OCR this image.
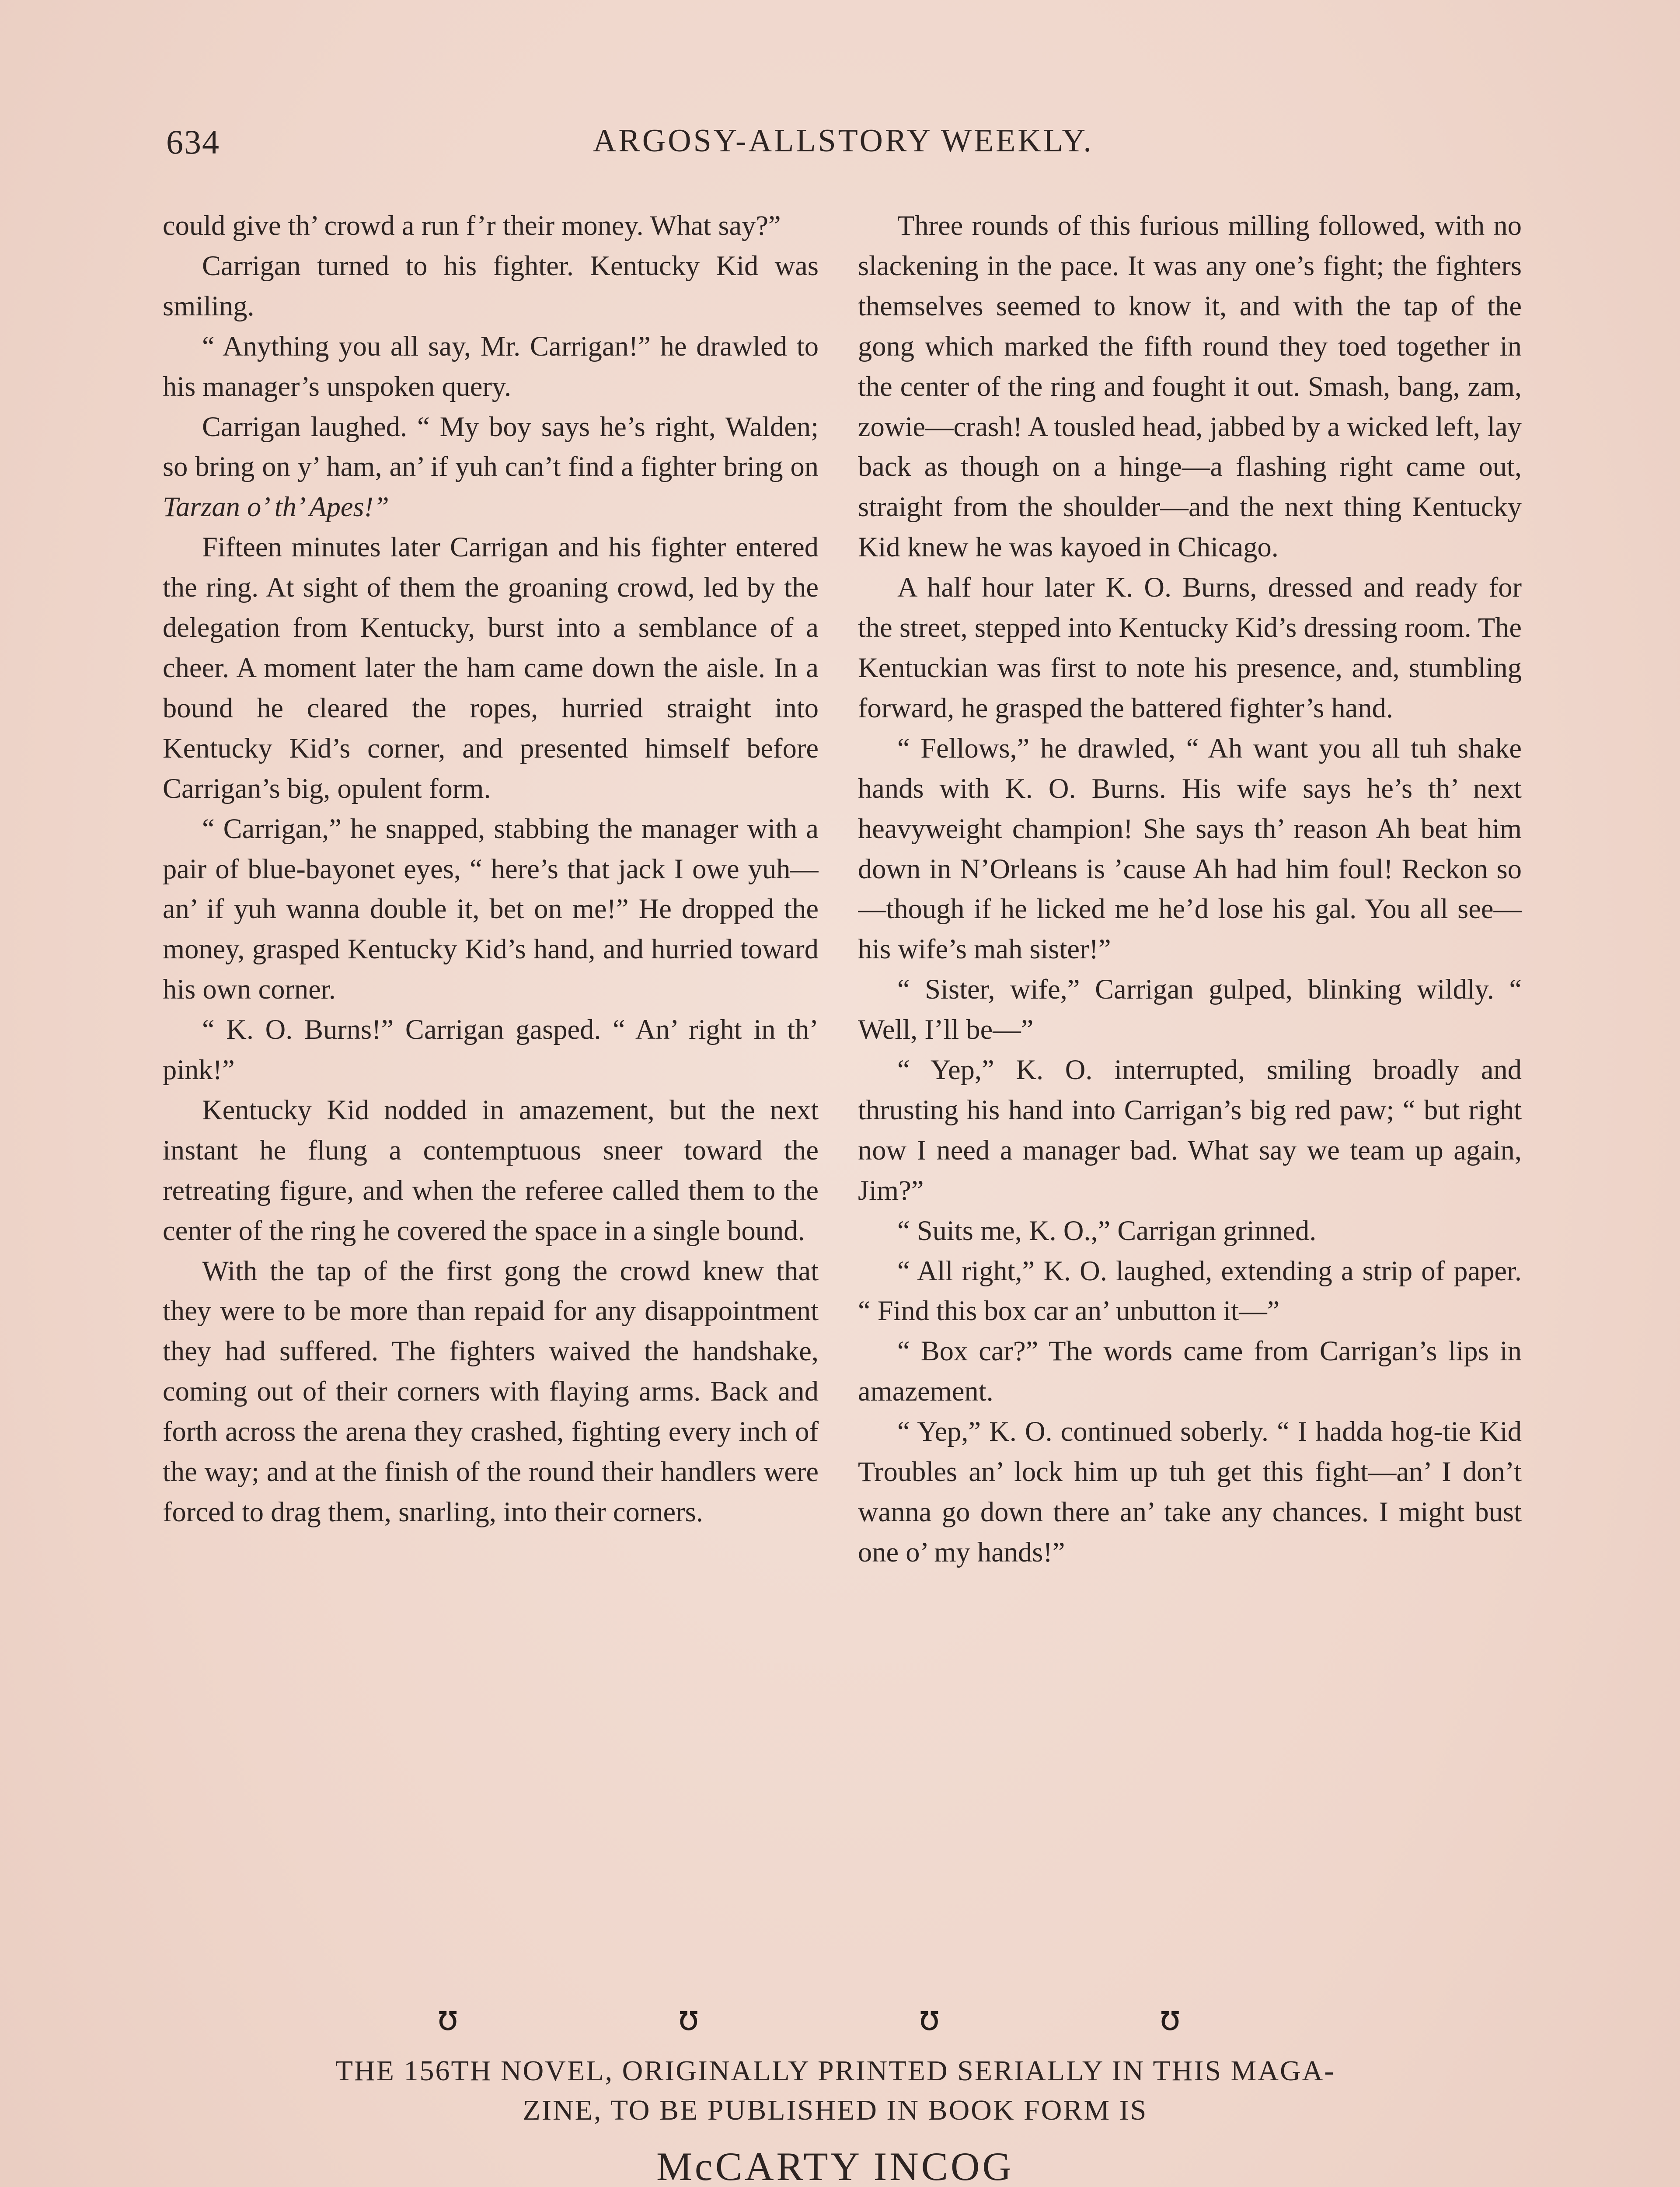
634	ARGOSY-ALLSTORY WEEKLY.

could give th’ crowd a run f’r their money. What say?”

Carrigan turned to his fighter. Kentucky Kid was smiling.

“ Anything you all say, Mr. Carrigan!” he drawled to his manager’s unspoken query.

Carrigan laughed. “ My boy says he’s right, Walden; so bring on y’ ham, an’ if yuh can’t find a fighter bring on Tarzan o’ th’ Apes!”

Fifteen minutes later Carrigan and his fighter entered the ring. At sight of them the groaning crowd, led by the delegation from Kentucky, burst into a semblance of a cheer. A moment later the ham came down the aisle. In a bound he cleared the ropes, hurried straight into Kentucky Kid’s corner, and presented himself before Carrigan’s big, opulent form.

“ Carrigan,” he snapped, stabbing the manager with a pair of blue-bayonet eyes, “ here’s that jack I owe yuh—an’ if yuh wanna double it, bet on me!” He dropped the money, grasped Kentucky Kid’s hand, and hurried toward his own corner.

“ K. O. Burns!” Carrigan gasped. “ An’ right in th’ pink!”

Kentucky Kid nodded in amazement, but the next instant he flung a contemptuous sneer toward the retreating figure, and when the referee called them to the center of the ring he covered the space in a single bound.

With the tap of the first gong the crowd knew that they were to be more than repaid for any disappointment they had suffered. The fighters waived the handshake, coming out of their corners with flaying arms. Back and forth across the arena they crashed, fighting every inch of the way; and at the finish of the round their handlers were forced to drag them, snarling, into their corners.

Three rounds of this furious milling followed, with no slackening in the pace. It was any one’s fight; the fighters themselves seemed to know it, and with the tap of the gong which marked the fifth round they toed together in the center of the ring and fought it out. Smash, bang, zam, zowie—crash! A tousled head, jabbed by a wicked left, lay back as though on a hinge—a flashing right came out, straight from the shoulder—and the next thing Kentucky Kid knew he was kayoed in Chicago.

A half hour later K. O. Burns, dressed and ready for the street, stepped into Kentucky Kid’s dressing room. The Kentuckian was first to note his presence, and, stumbling forward, he grasped the battered fighter’s hand.

“ Fellows,” he drawled, “ Ah want you all tuh shake hands with K. O. Burns. His wife says he’s th’ next heavyweight champion! She says th’ reason Ah beat him down in N’Orleans is ’cause Ah had him foul! Reckon so—though if he licked me he’d lose his gal. You all see—his wife’s mah sister!”

“ Sister, wife,” Carrigan gulped, blinking wildly. “ Well, I’ll be—”

“ Yep,” K. O. interrupted, smiling broadly and thrusting his hand into Carrigan’s big red paw; “ but right now I need a manager bad. What say we team up again, Jim?”

“ Suits me, K. O.,” Carrigan grinned.

“ All right,” K. O. laughed, extending a strip of paper. “ Find this box car an’ unbutton it—”

“ Box car?” The words came from Carrigan’s lips in amazement.

“ Yep,” K. O. continued soberly. “ I hadda hog-tie Kid Troubles an’ lock him up tuh get this fight—an’ I don’t wanna go down there an’ take any chances. I might bust one o’ my hands!”

ʊ	ʊ	ʊ	ʊ
THE 156TH NOVEL, ORIGINALLY PRINTED SERIALLY IN THIS MAGA-
ZINE, TO BE PUBLISHED IN BOOK FORM IS
McCARTY INCOG
